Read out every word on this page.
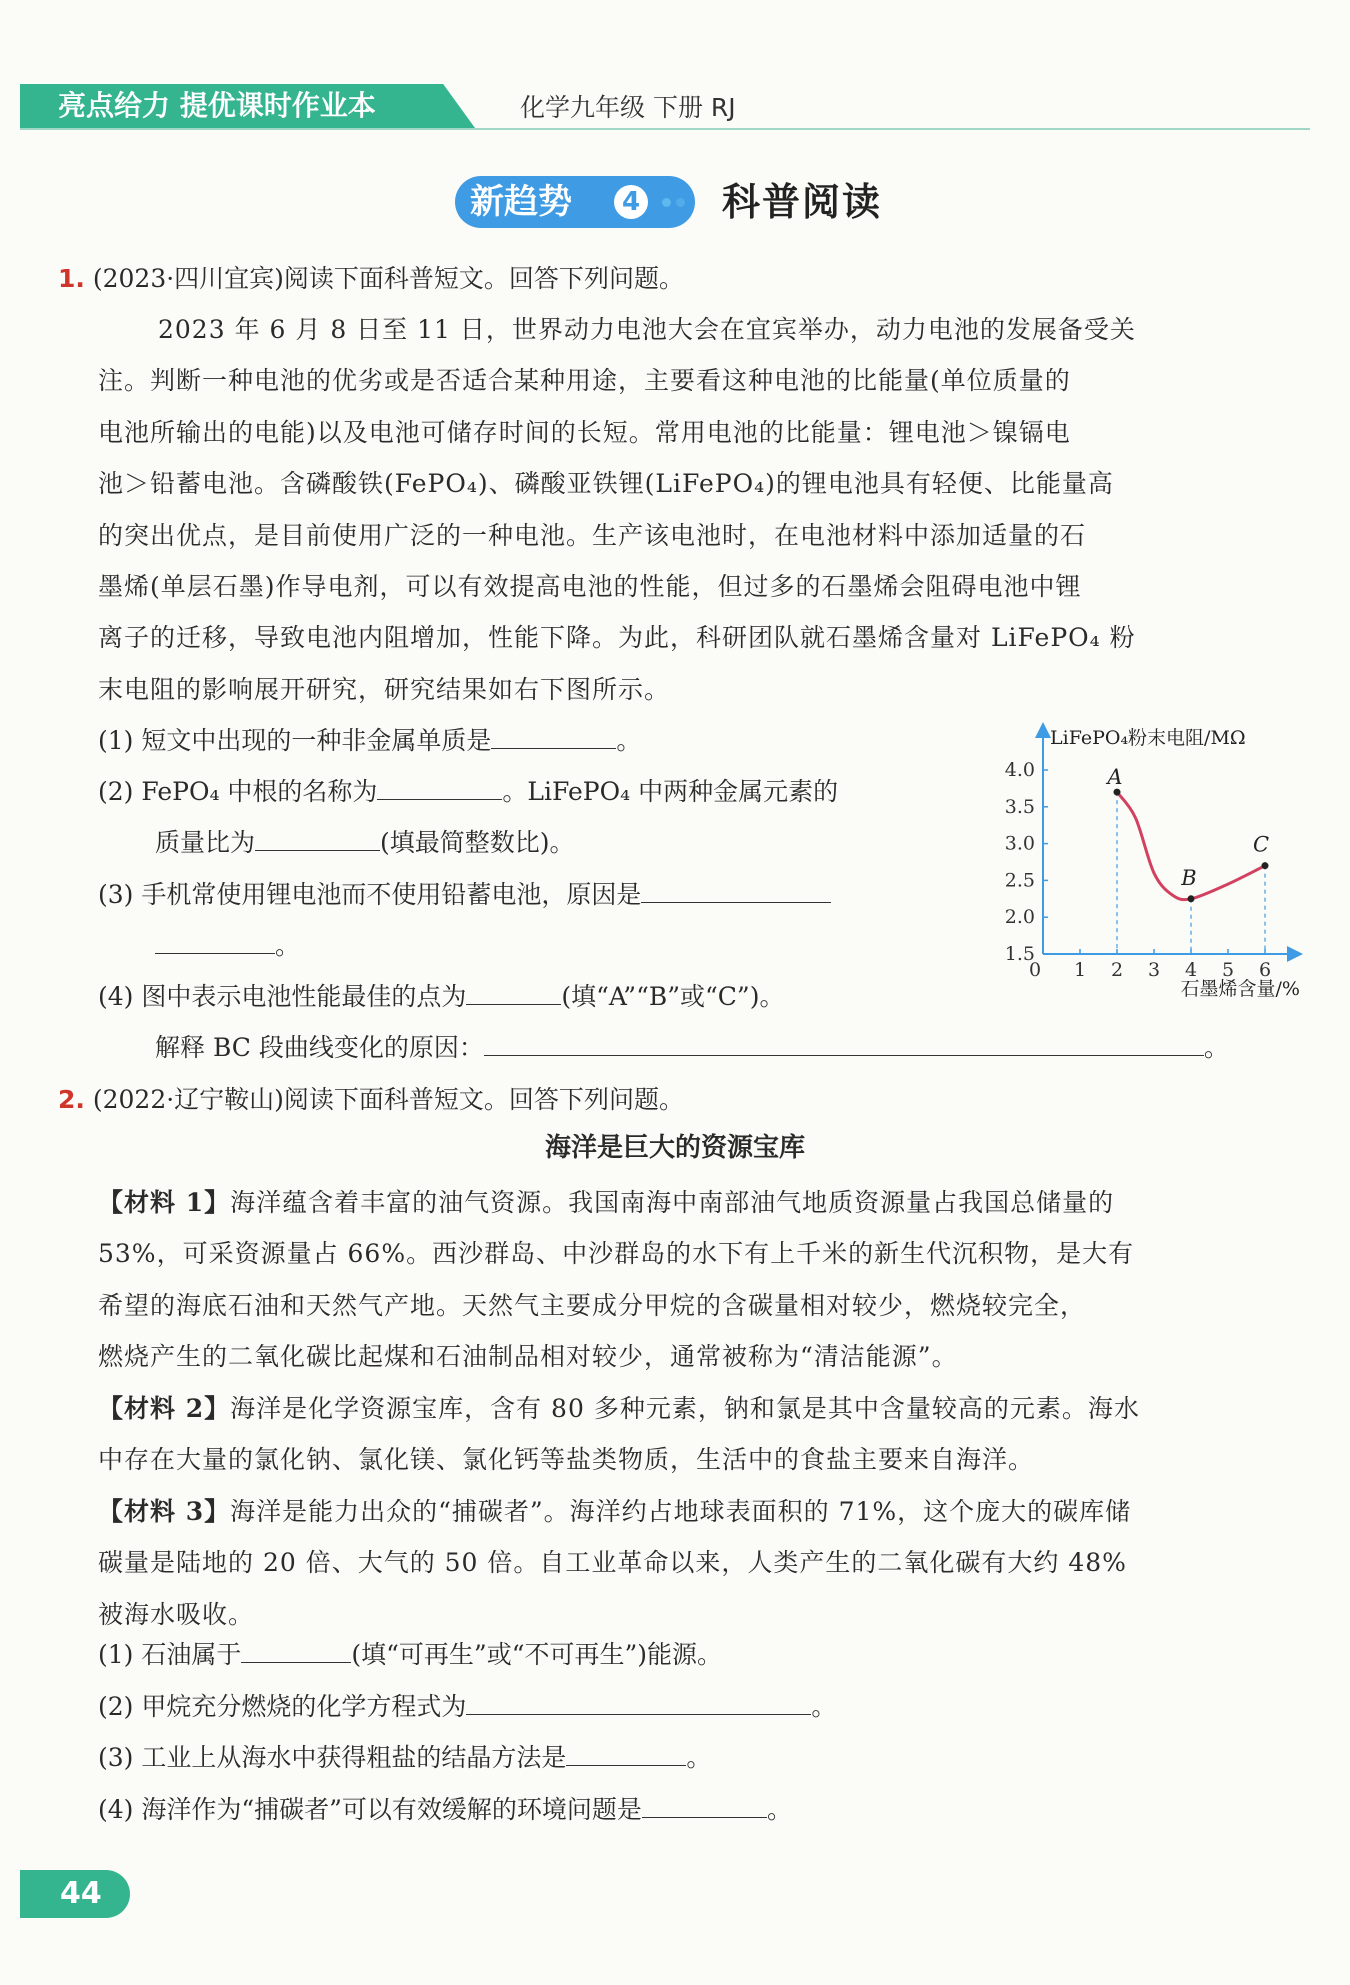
亮点给力 提优课时作业本	化学九年级 下册 RJ
新趋势	4 科普阅读
1. (2023·四川宜宾)阅读下面科普短文。回答下列问题。

2023 年 6 月 8 日至 11 日，世界动力电池大会在宜宾举办，动力电池的发展备受关

注。判断一种电池的优劣或是否适合某种用途，主要看这种电池的比能量(单位质量的

电池所输出的电能)以及电池可储存时间的长短。常用电池的比能量：锂电池＞镍镉电

池＞铅蓄电池。含磷酸铁(FePO₄)、磷酸亚铁锂(LiFePO₄)的锂电池具有轻便、比能量高

的突出优点，是目前使用广泛的一种电池。生产该电池时，在电池材料中添加适量的石

墨烯(单层石墨)作导电剂，可以有效提高电池的性能，但过多的石墨烯会阻碍电池中锂

离子的迁移，导致电池内阻增加，性能下降。为此，科研团队就石墨烯含量对 LiFePO₄ 粉

末电阻的影响展开研究，研究结果如右下图所示。

(1) 短文中出现的一种非金属单质是	。
(2) FePO₄ 中根的名称为	。LiFePO₄ 中两种金属元素的
质量比为	(填最简整数比)。
(3) 手机常使用锂电池而不使用铅蓄电池，原因是
。
(4) 图中表示电池性能最佳的点为	(填“A”“B”或“C”)。
解释 BC 段曲线变化的原因：	。
A
B
C
1.5
2.0
2.5
3.0
3.5
4.0
0 1 2 3 4 5 6
LiFePO₄粉末电阻/MΩ
石墨烯含量/%
2. (2022·辽宁鞍山)阅读下面科普短文。回答下列问题。
海洋是巨大的资源宝库

【材料 1】海洋蕴含着丰富的油气资源。我国南海中南部油气地质资源量占我国总储量的

53%，可采资源量占 66%。西沙群岛、中沙群岛的水下有上千米的新生代沉积物，是大有

希望的海底石油和天然气产地。天然气主要成分甲烷的含碳量相对较少，燃烧较完全，

燃烧产生的二氧化碳比起煤和石油制品相对较少，通常被称为“清洁能源”。

【材料 2】海洋是化学资源宝库，含有 80 多种元素，钠和氯是其中含量较高的元素。海水

中存在大量的氯化钠、氯化镁、氯化钙等盐类物质，生活中的食盐主要来自海洋。

【材料 3】海洋是能力出众的“捕碳者”。海洋约占地球表面积的 71%，这个庞大的碳库储

碳量是陆地的 20 倍、大气的 50 倍。自工业革命以来，人类产生的二氧化碳有大约 48%

被海水吸收。

(1) 石油属于	(填“可再生”或“不可再生”)能源。
(2) 甲烷充分燃烧的化学方程式为	。
(3) 工业上从海水中获得粗盐的结晶方法是	。
(4) 海洋作为“捕碳者”可以有效缓解的环境问题是	。
44
